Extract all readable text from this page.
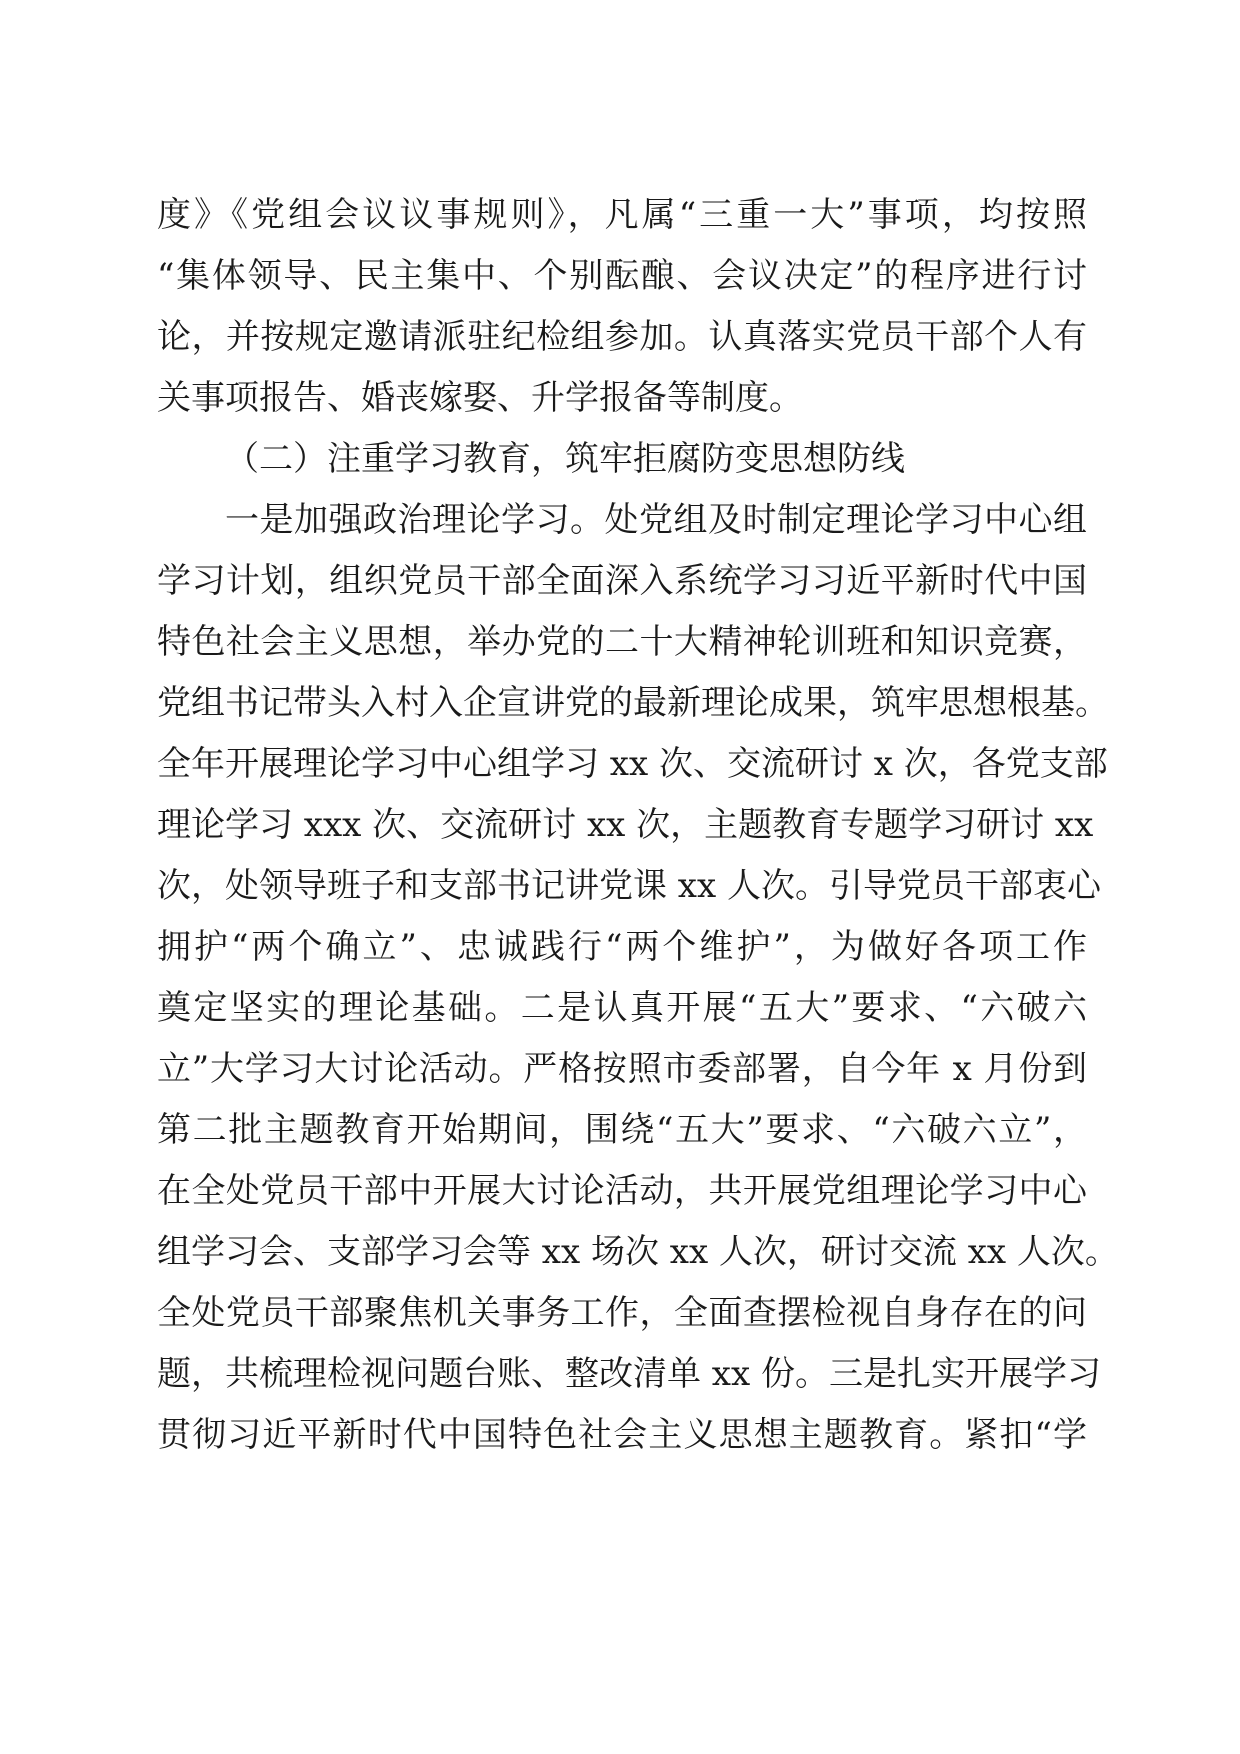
度》《党组会议议事规则》，凡属“三重一大”事项，均按照
“集体领导、民主集中、个别酝酿、会议决定”的程序进行讨
论，并按规定邀请派驻纪检组参加。认真落实党员干部个人有
关事项报告、婚丧嫁娶、升学报备等制度。
（二）注重学习教育，筑牢拒腐防变思想防线
一是加强政治理论学习。处党组及时制定理论学习中心组
学习计划，组织党员干部全面深入系统学习习近平新时代中国
特色社会主义思想，举办党的二十大精神轮训班和知识竞赛，
党组书记带头入村入企宣讲党的最新理论成果，筑牢思想根基。
全年开展理论学习中心组学习 xx 次、交流研讨 x 次，各党支部
理论学习 xxx 次、交流研讨 xx 次，主题教育专题学习研讨 xx
次，处领导班子和支部书记讲党课 xx 人次。引导党员干部衷心
拥护“两个确立”、忠诚践行“两个维护”，为做好各项工作
奠定坚实的理论基础。二是认真开展“五大”要求、“六破六
立”大学习大讨论活动。严格按照市委部署，自今年 x 月份到
第二批主题教育开始期间，围绕“五大”要求、“六破六立”，
在全处党员干部中开展大讨论活动，共开展党组理论学习中心
组学习会、支部学习会等 xx 场次 xx 人次，研讨交流 xx 人次。
全处党员干部聚焦机关事务工作，全面查摆检视自身存在的问
题，共梳理检视问题台账、整改清单 xx 份。三是扎实开展学习
贯彻习近平新时代中国特色社会主义思想主题教育。紧扣“学
